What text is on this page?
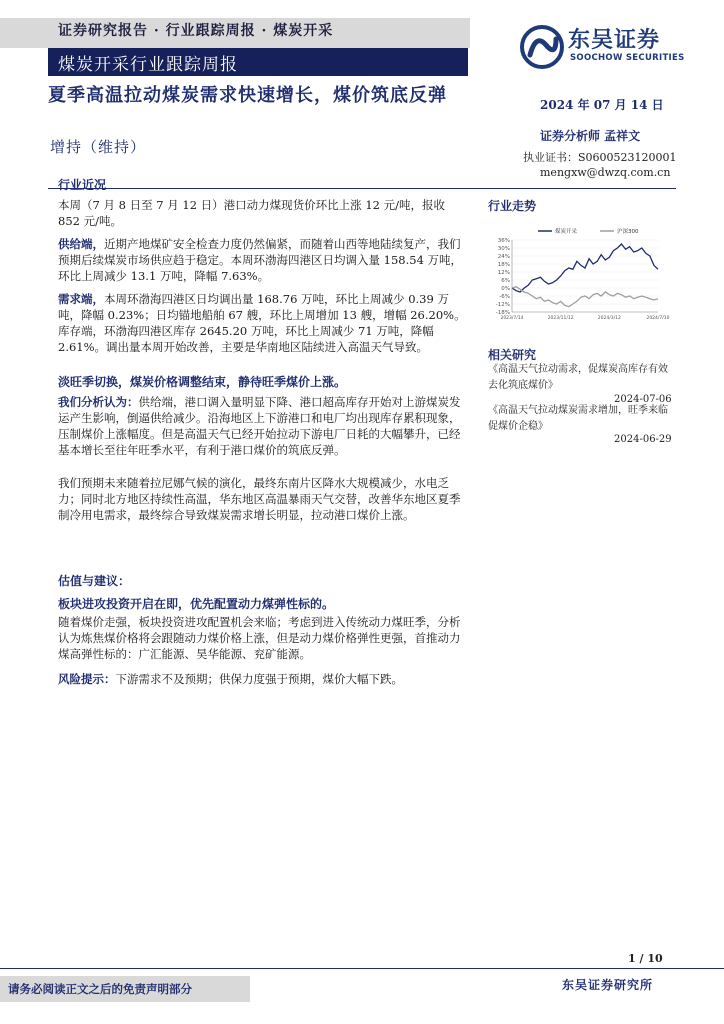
证券研究报告 · 行业跟踪周报 · 煤炭开采
煤炭开采行业跟踪周报
东吴证券
SOOCHOW SECURITIES
夏季高温拉动煤炭需求快速增长，煤价筑底反弹
增持（维持）
2024 年 07 月 14 日
证券分析师 孟祥文
执业证书：S0600523120001
mengxw@dwzq.com.cn
行业近况
本周（7 月 8 日至 7 月 12 日）港口动力煤现货价环比上涨 12 元/吨，报收 852 元/吨。
供给端，近期产地煤矿安全检查力度仍然偏紧，而随着山西等地陆续复产，我们预期后续煤炭市场供应趋于稳定。本周环渤海四港区日均调入量 158.54 万吨，环比上周减少 13.1 万吨，降幅 7.63%。
需求端，本周环渤海四港区日均调出量 168.76 万吨，环比上周减少 0.39 万吨，降幅 0.23%；日均锚地船舶 67 艘，环比上周增加 13 艘，增幅 26.20%。库存端，环渤海四港区库存 2645.20 万吨，环比上周减少 71 万吨，降幅 2.61%。调出量本周开始改善，主要是华南地区陆续进入高温天气导致。
淡旺季切换，煤炭价格调整结束，静待旺季煤价上涨。
我们分析认为：供给端，港口调入量明显下降、港口超高库存开始对上游煤炭发运产生影响，倒逼供给减少。沿海地区上下游港口和电厂均出现库存累积现象，压制煤价上涨幅度。但是高温天气已经开始拉动下游电厂日耗的大幅攀升，已经基本增长至往年旺季水平，有利于港口煤价的筑底反弹。
我们预期未来随着拉尼娜气候的演化，最终东南片区降水大规模减少，水电乏力；同时北方地区持续性高温，华东地区高温暴雨天气交替，改善华东地区夏季制冷用电需求，最终综合导致煤炭需求增长明显，拉动港口煤价上涨。
估值与建议：
板块进攻投资开启在即，优先配置动力煤弹性标的。
随着煤价走强，板块投资进攻配置机会来临；考虑到进入传统动力煤旺季，分析认为炼焦煤价格将会跟随动力煤价格上涨，但是动力煤价格弹性更强，首推动力煤高弹性标的：广汇能源、昊华能源、兖矿能源。
风险提示：下游需求不及预期；供保力度强于预期，煤价大幅下跌。
行业走势
36%
30%
24%
18%
12%
6%
0%
-6%
-12%
-18%
2023/7/14	2023/11/12	2024/3/12	2024/7/10
煤炭开采	沪深300
相关研究
《高温天气拉动需求，促煤炭高库存有效去化筑底煤价》
2024-07-06
《高温天气拉动煤炭需求增加，旺季来临促煤价企稳》
2024-06-29
1 / 10
请务必阅读正文之后的免责声明部分	东吴证券研究所
